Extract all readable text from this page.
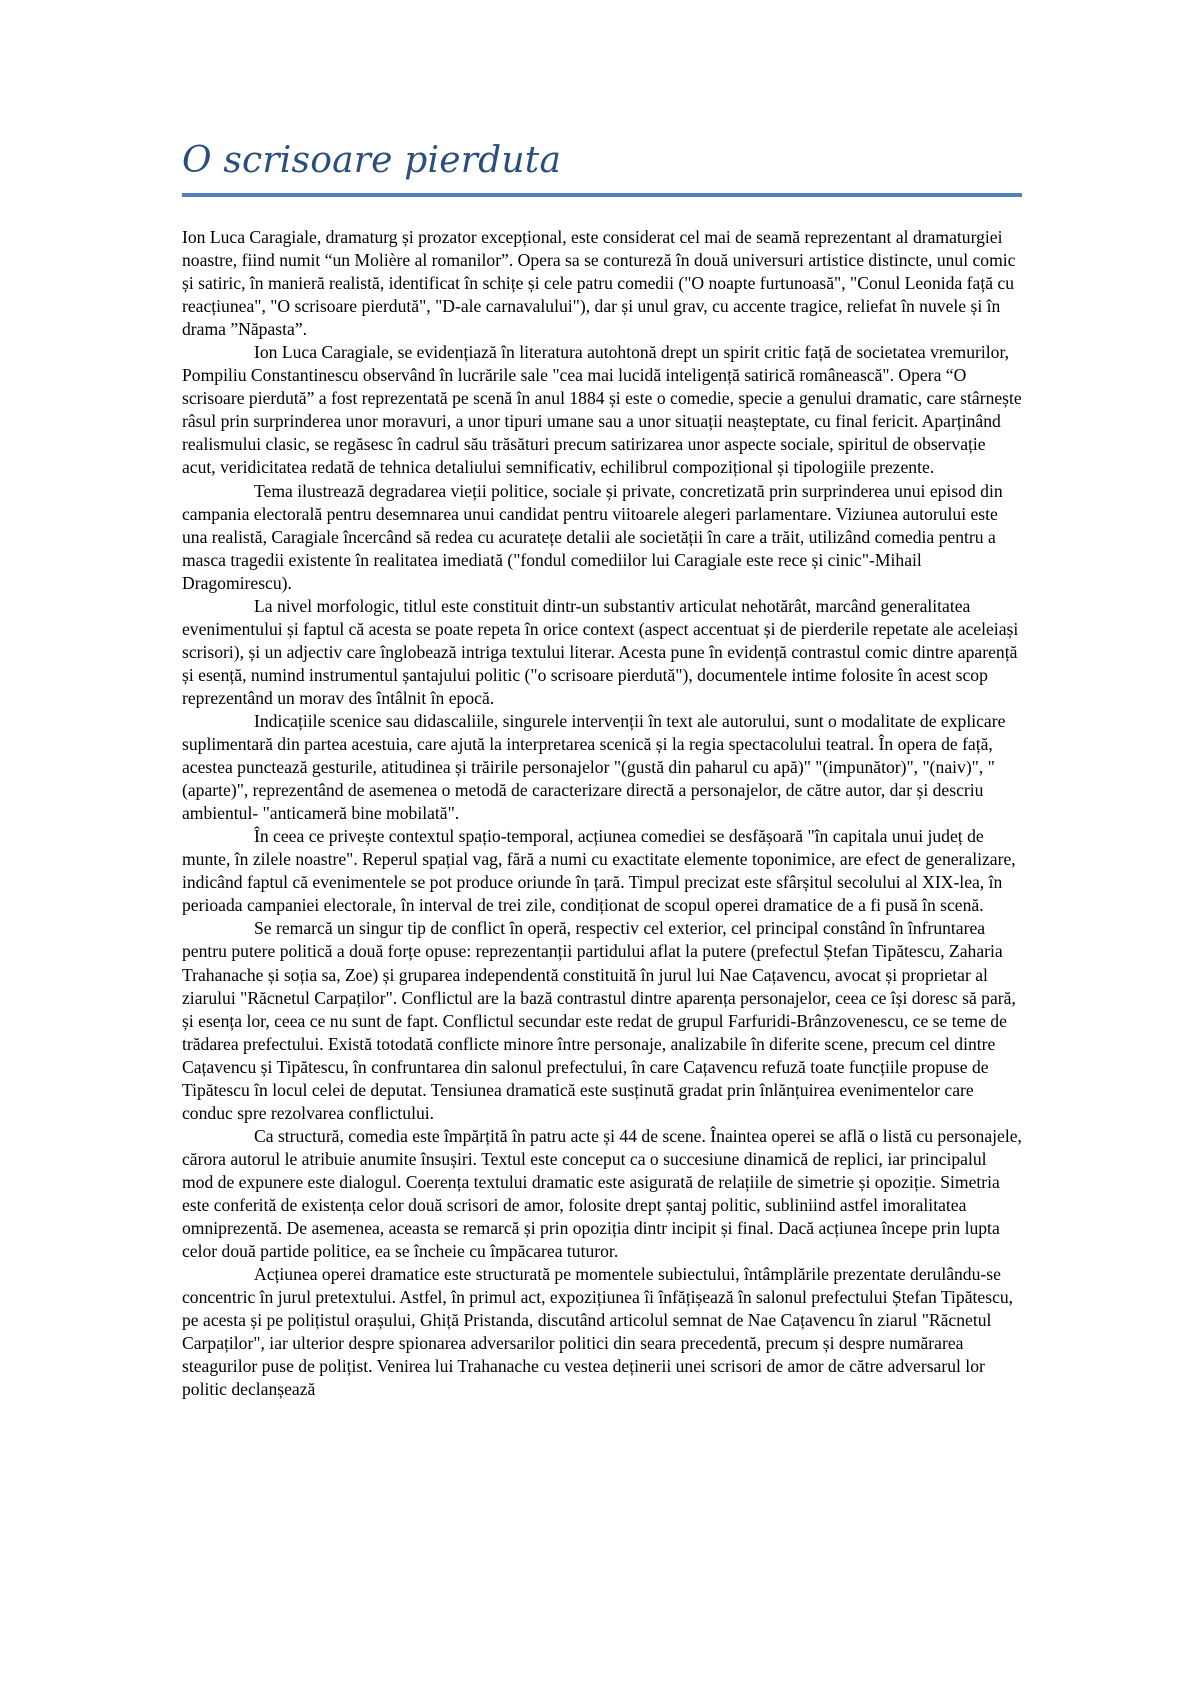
O scrisoare pierduta

Ion Luca Caragiale, dramaturg și prozator excepțional, este considerat cel mai de seamă reprezentant al dramaturgiei noastre, fiind numit “un Molière al romanilor”. Opera sa se contureză în două universuri artistice distincte, unul comic și satiric, în manieră realistă, identificat în schițe și cele patru comedii ("O noapte furtunoasă", "Conul Leonida față cu reacțiunea", "O scrisoare pierdută", "D-ale carnavalului"), dar și unul grav, cu accente tragice, reliefat în nuvele și în drama ”Năpasta”.

Ion Luca Caragiale, se evidențiază în literatura autohtonă drept un spirit critic față de societatea vremurilor, Pompiliu Constantinescu observând în lucrările sale "cea mai lucidă inteligență satirică românească". Opera “O scrisoare pierdută” a fost reprezentată pe scenă în anul 1884 și este o comedie, specie a genului dramatic, care stârnește râsul prin surprinderea unor moravuri, a unor tipuri umane sau a unor situații neașteptate, cu final fericit. Aparținând realismului clasic, se regăsesc în cadrul său trăsături precum satirizarea unor aspecte sociale, spiritul de observație acut, veridicitatea redată de tehnica detaliului semnificativ, echilibrul compozițional și tipologiile prezente.

Tema ilustrează degradarea vieții politice, sociale și private, concretizată prin surprinderea unui episod din campania electorală pentru desemnarea unui candidat pentru viitoarele alegeri parlamentare. Viziunea autorului este una realistă, Caragiale încercând să redea cu acuratețe detalii ale societății în care a trăit, utilizând comedia pentru a masca tragedii existente în realitatea imediată ("fondul comediilor lui Caragiale este rece și cinic"-Mihail Dragomirescu).

La nivel morfologic, titlul este constituit dintr-un substantiv articulat nehotărât, marcând generalitatea evenimentului și faptul că acesta se poate repeta în orice context (aspect accentuat și de pierderile repetate ale aceleiași scrisori), și un adjectiv care înglobează intriga textului literar. Acesta pune în evidență contrastul comic dintre aparență și esență, numind instrumentul șantajului politic ("o scrisoare pierdută"), documentele intime folosite în acest scop reprezentând un morav des întâlnit în epocă.

Indicațiile scenice sau didascaliile, singurele intervenții în text ale autorului, sunt o modalitate de explicare suplimentară din partea acestuia, care ajută la interpretarea scenică și la regia spectacolului teatral. În opera de față, acestea punctează gesturile, atitudinea și trăirile personajelor "(gustă din paharul cu apă)" "(impunător)", "(naiv)", "(aparte)", reprezentând de asemenea o metodă de caracterizare directă a personajelor, de către autor, dar și descriu ambientul- "anticameră bine mobilată".

În ceea ce privește contextul spațio-temporal, acțiunea comediei se desfășoară "în capitala unui județ de munte, în zilele noastre". Reperul spațial vag, fără a numi cu exactitate elemente toponimice, are efect de generalizare, indicând faptul că evenimentele se pot produce oriunde în țară. Timpul precizat este sfârșitul secolului al XIX-lea, în perioada campaniei electorale, în interval de trei zile, condiționat de scopul operei dramatice de a fi pusă în scenă.

Se remarcă un singur tip de conflict în operă, respectiv cel exterior, cel principal constând în înfruntarea pentru putere politică a două forțe opuse: reprezentanții partidului aflat la putere (prefectul Ștefan Tipătescu, Zaharia Trahanache și soția sa, Zoe) și gruparea independentă constituită în jurul lui Nae Cațavencu, avocat și proprietar al ziarului "Răcnetul Carpaților". Conflictul are la bază contrastul dintre aparența personajelor, ceea ce își doresc să pară, și esența lor, ceea ce nu sunt de fapt. Conflictul secundar este redat de grupul Farfuridi-Brânzovenescu, ce se teme de trădarea prefectului. Există totodată conflicte minore între personaje, analizabile în diferite scene, precum cel dintre Cațavencu și Tipătescu, în confruntarea din salonul prefectului, în care Cațavencu refuză toate funcțiile propuse de Tipătescu în locul celei de deputat. Tensiunea dramatică este susținută gradat prin înlănțuirea evenimentelor care conduc spre rezolvarea conflictului.

Ca structură, comedia este împărțită în patru acte și 44 de scene. Înaintea operei se află o listă cu personajele, cărora autorul le atribuie anumite însușiri. Textul este conceput ca o succesiune dinamică de replici, iar principalul mod de expunere este dialogul. Coerența textului dramatic este asigurată de relațiile de simetrie și opoziție. Simetria este conferită de existența celor două scrisori de amor, folosite drept șantaj politic, subliniind astfel imoralitatea omniprezentă. De asemenea, aceasta se remarcă și prin opoziția dintr incipit și final. Dacă acțiunea începe prin lupta celor două partide politice, ea se încheie cu împăcarea tuturor.

Acțiunea operei dramatice este structurată pe momentele subiectului, întâmplările prezentate derulându-se concentric în jurul pretextului. Astfel, în primul act, expozițiunea îi înfățișează în salonul prefectului Ștefan Tipătescu, pe acesta și pe polițistul orașului, Ghiță Pristanda, discutând articolul semnat de Nae Cațavencu în ziarul "Răcnetul Carpaților", iar ulterior despre spionarea adversarilor politici din seara precedentă, precum și despre numărarea steagurilor puse de polițist. Venirea lui Trahanache cu vestea deținerii unei scrisori de amor de către adversarul lor politic declanșează
